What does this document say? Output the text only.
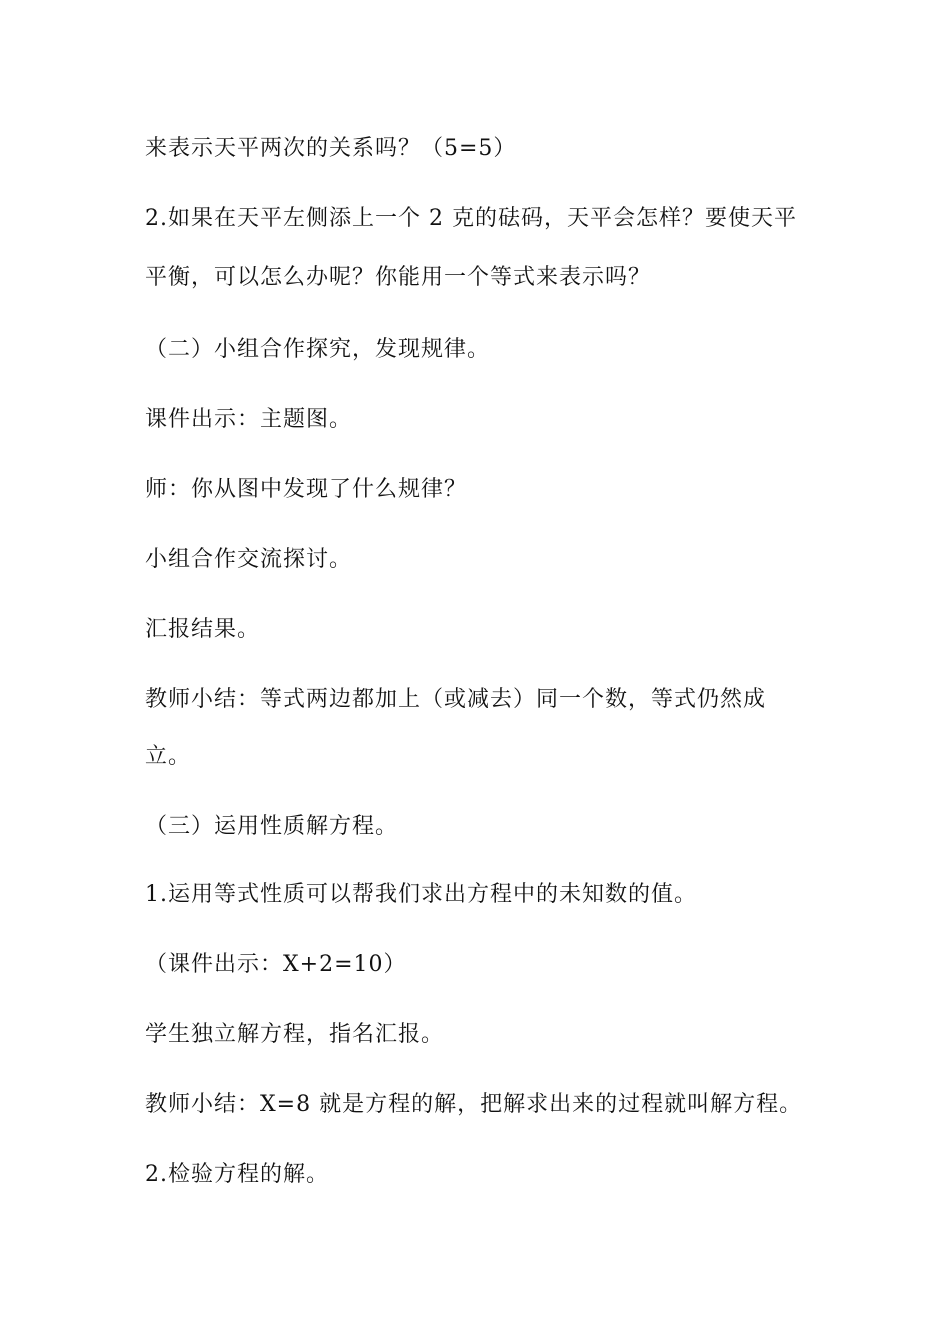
来表示天平两次的关系吗？（5=5）
2.如果在天平左侧添上一个 2 克的砝码，天平会怎样？要使天平
平衡，可以怎么办呢？你能用一个等式来表示吗？
（二）小组合作探究，发现规律。
课件出示：主题图。
师：你从图中发现了什么规律？
小组合作交流探讨。
汇报结果。
教师小结：等式两边都加上（或减去）同一个数，等式仍然成
立。
（三）运用性质解方程。
1.运用等式性质可以帮我们求出方程中的未知数的值。
（课件出示：X+2=10）
学生独立解方程，指名汇报。
教师小结：X=8 就是方程的解，把解求出来的过程就叫解方程。
2.检验方程的解。
